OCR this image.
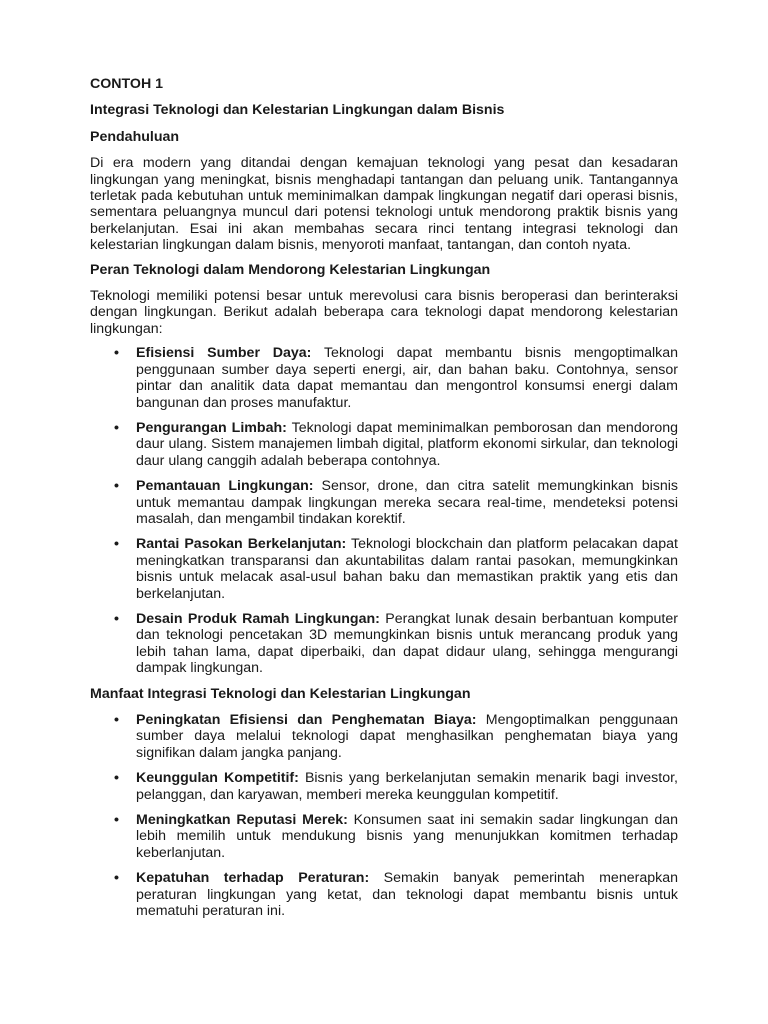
CONTOH 1
Integrasi Teknologi dan Kelestarian Lingkungan dalam Bisnis
Pendahuluan

Di era modern yang ditandai dengan kemajuan teknologi yang pesat dan kesadaran lingkungan yang meningkat, bisnis menghadapi tantangan dan peluang unik. Tantangannya terletak pada kebutuhan untuk meminimalkan dampak lingkungan negatif dari operasi bisnis, sementara peluangnya muncul dari potensi teknologi untuk mendorong praktik bisnis yang berkelanjutan. Esai ini akan membahas secara rinci tentang integrasi teknologi dan kelestarian lingkungan dalam bisnis, menyoroti manfaat, tantangan, dan contoh nyata.

Peran Teknologi dalam Mendorong Kelestarian Lingkungan

Teknologi memiliki potensi besar untuk merevolusi cara bisnis beroperasi dan berinteraksi dengan lingkungan. Berikut adalah beberapa cara teknologi dapat mendorong kelestarian lingkungan:

• Efisiensi Sumber Daya: Teknologi dapat membantu bisnis mengoptimalkan penggunaan sumber daya seperti energi, air, dan bahan baku. Contohnya, sensor pintar dan analitik data dapat memantau dan mengontrol konsumsi energi dalam bangunan dan proses manufaktur.
• Pengurangan Limbah: Teknologi dapat meminimalkan pemborosan dan mendorong daur ulang. Sistem manajemen limbah digital, platform ekonomi sirkular, dan teknologi daur ulang canggih adalah beberapa contohnya.
• Pemantauan Lingkungan: Sensor, drone, dan citra satelit memungkinkan bisnis untuk memantau dampak lingkungan mereka secara real-time, mendeteksi potensi masalah, dan mengambil tindakan korektif.
• Rantai Pasokan Berkelanjutan: Teknologi blockchain dan platform pelacakan dapat meningkatkan transparansi dan akuntabilitas dalam rantai pasokan, memungkinkan bisnis untuk melacak asal-usul bahan baku dan memastikan praktik yang etis dan berkelanjutan.
• Desain Produk Ramah Lingkungan: Perangkat lunak desain berbantuan komputer dan teknologi pencetakan 3D memungkinkan bisnis untuk merancang produk yang lebih tahan lama, dapat diperbaiki, dan dapat didaur ulang, sehingga mengurangi dampak lingkungan.
Manfaat Integrasi Teknologi dan Kelestarian Lingkungan
• Peningkatan Efisiensi dan Penghematan Biaya: Mengoptimalkan penggunaan sumber daya melalui teknologi dapat menghasilkan penghematan biaya yang signifikan dalam jangka panjang.
• Keunggulan Kompetitif: Bisnis yang berkelanjutan semakin menarik bagi investor, pelanggan, dan karyawan, memberi mereka keunggulan kompetitif.
• Meningkatkan Reputasi Merek: Konsumen saat ini semakin sadar lingkungan dan lebih memilih untuk mendukung bisnis yang menunjukkan komitmen terhadap keberlanjutan.
• Kepatuhan terhadap Peraturan: Semakin banyak pemerintah menerapkan peraturan lingkungan yang ketat, dan teknologi dapat membantu bisnis untuk mematuhi peraturan ini.
